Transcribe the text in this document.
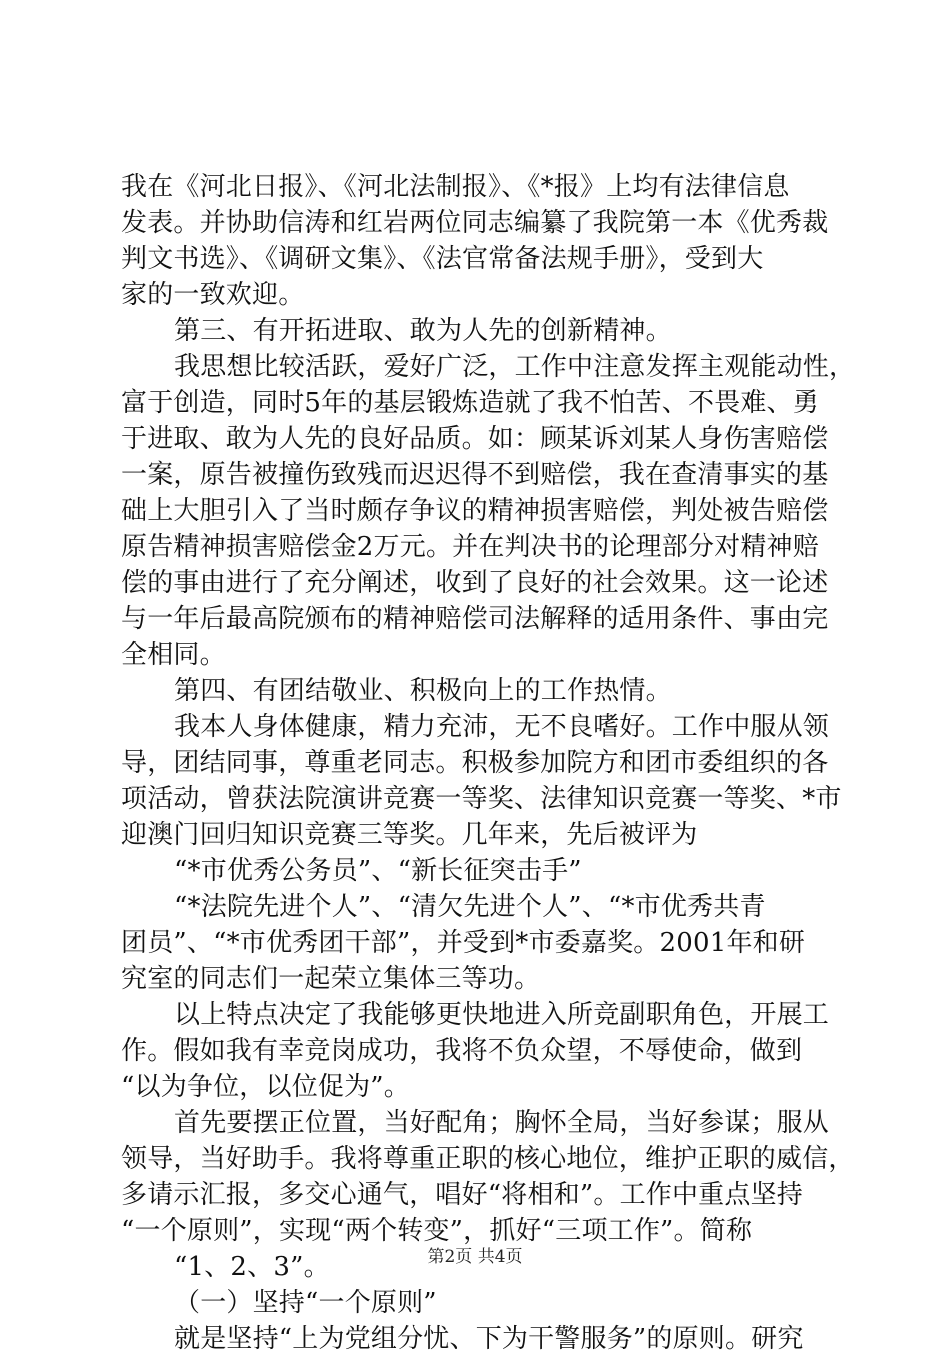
我在《河北日报》、《河北法制报》、《*报》上均有法律信息
发表。并协助信涛和红岩两位同志编纂了我院第一本《优秀裁
判文书选》、《调研文集》、《法官常备法规手册》，受到大
家的一致欢迎。
第三、有开拓进取、敢为人先的创新精神。
我思想比较活跃，爱好广泛，工作中注意发挥主观能动性，
富于创造，同时5年的基层锻炼造就了我不怕苦、不畏难、勇
于进取、敢为人先的良好品质。如：顾某诉刘某人身伤害赔偿
一案，原告被撞伤致残而迟迟得不到赔偿，我在查清事实的基
础上大胆引入了当时颇存争议的精神损害赔偿，判处被告赔偿
原告精神损害赔偿金2万元。并在判决书的论理部分对精神赔
偿的事由进行了充分阐述，收到了良好的社会效果。这一论述
与一年后最高院颁布的精神赔偿司法解释的适用条件、事由完
全相同。
第四、有团结敬业、积极向上的工作热情。
我本人身体健康，精力充沛，无不良嗜好。工作中服从领
导，团结同事，尊重老同志。积极参加院方和团市委组织的各
项活动，曾获法院演讲竞赛一等奖、法律知识竞赛一等奖、*市
迎澳门回归知识竞赛三等奖。几年来，先后被评为
“*市优秀公务员”、“新长征突击手”
“*法院先进个人”、“清欠先进个人”、“*市优秀共青
团员”、“*市优秀团干部”，并受到*市委嘉奖。2001年和研
究室的同志们一起荣立集体三等功。
以上特点决定了我能够更快地进入所竞副职角色，开展工
作。假如我有幸竞岗成功，我将不负众望，不辱使命，做到
“以为争位，以位促为”。
首先要摆正位置，当好配角；胸怀全局，当好参谋；服从
领导，当好助手。我将尊重正职的核心地位，维护正职的威信，
多请示汇报，多交心通气，唱好“将相和”。工作中重点坚持
“一个原则”，实现“两个转变”，抓好“三项工作”。简称
“1、2、3”。
（一）坚持“一个原则”
就是坚持“上为党组分忧、下为干警服务”的原则。研究
第2页 共4页
